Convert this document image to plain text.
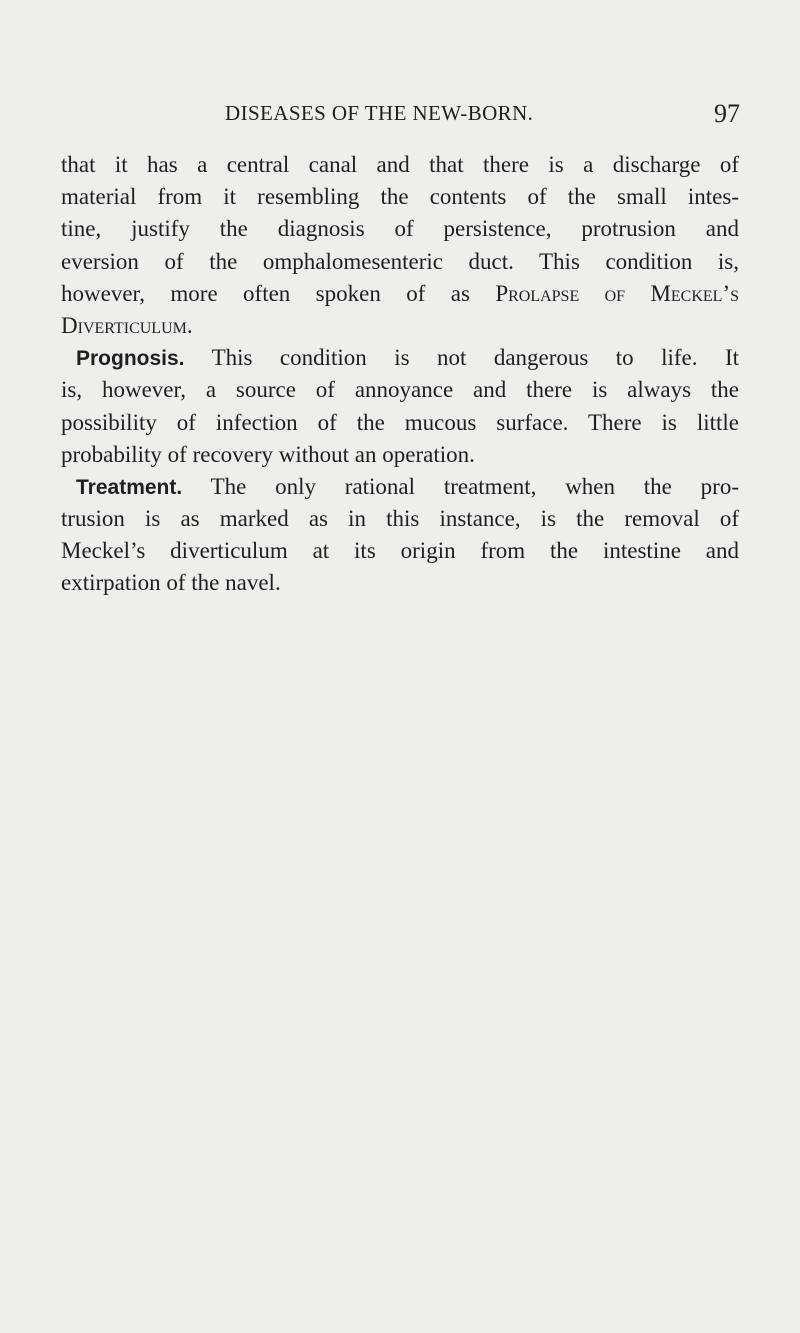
DISEASES OF THE NEW-BORN.	97
that it has a central canal and that there is a discharge of
material from it resembling the contents of the small intes-
tine, justify the diagnosis of persistence, protrusion and
eversion of the omphalomesenteric duct. This condition is,
however, more often spoken of as Prolapse of Meckel’s
Diverticulum.
Prognosis. This condition is not dangerous to life. It
is, however, a source of annoyance and there is always the
possibility of infection of the mucous surface. There is little
probability of recovery without an operation.
Treatment. The only rational treatment, when the pro-
trusion is as marked as in this instance, is the removal of
Meckel’s diverticulum at its origin from the intestine and
extirpation of the navel.
